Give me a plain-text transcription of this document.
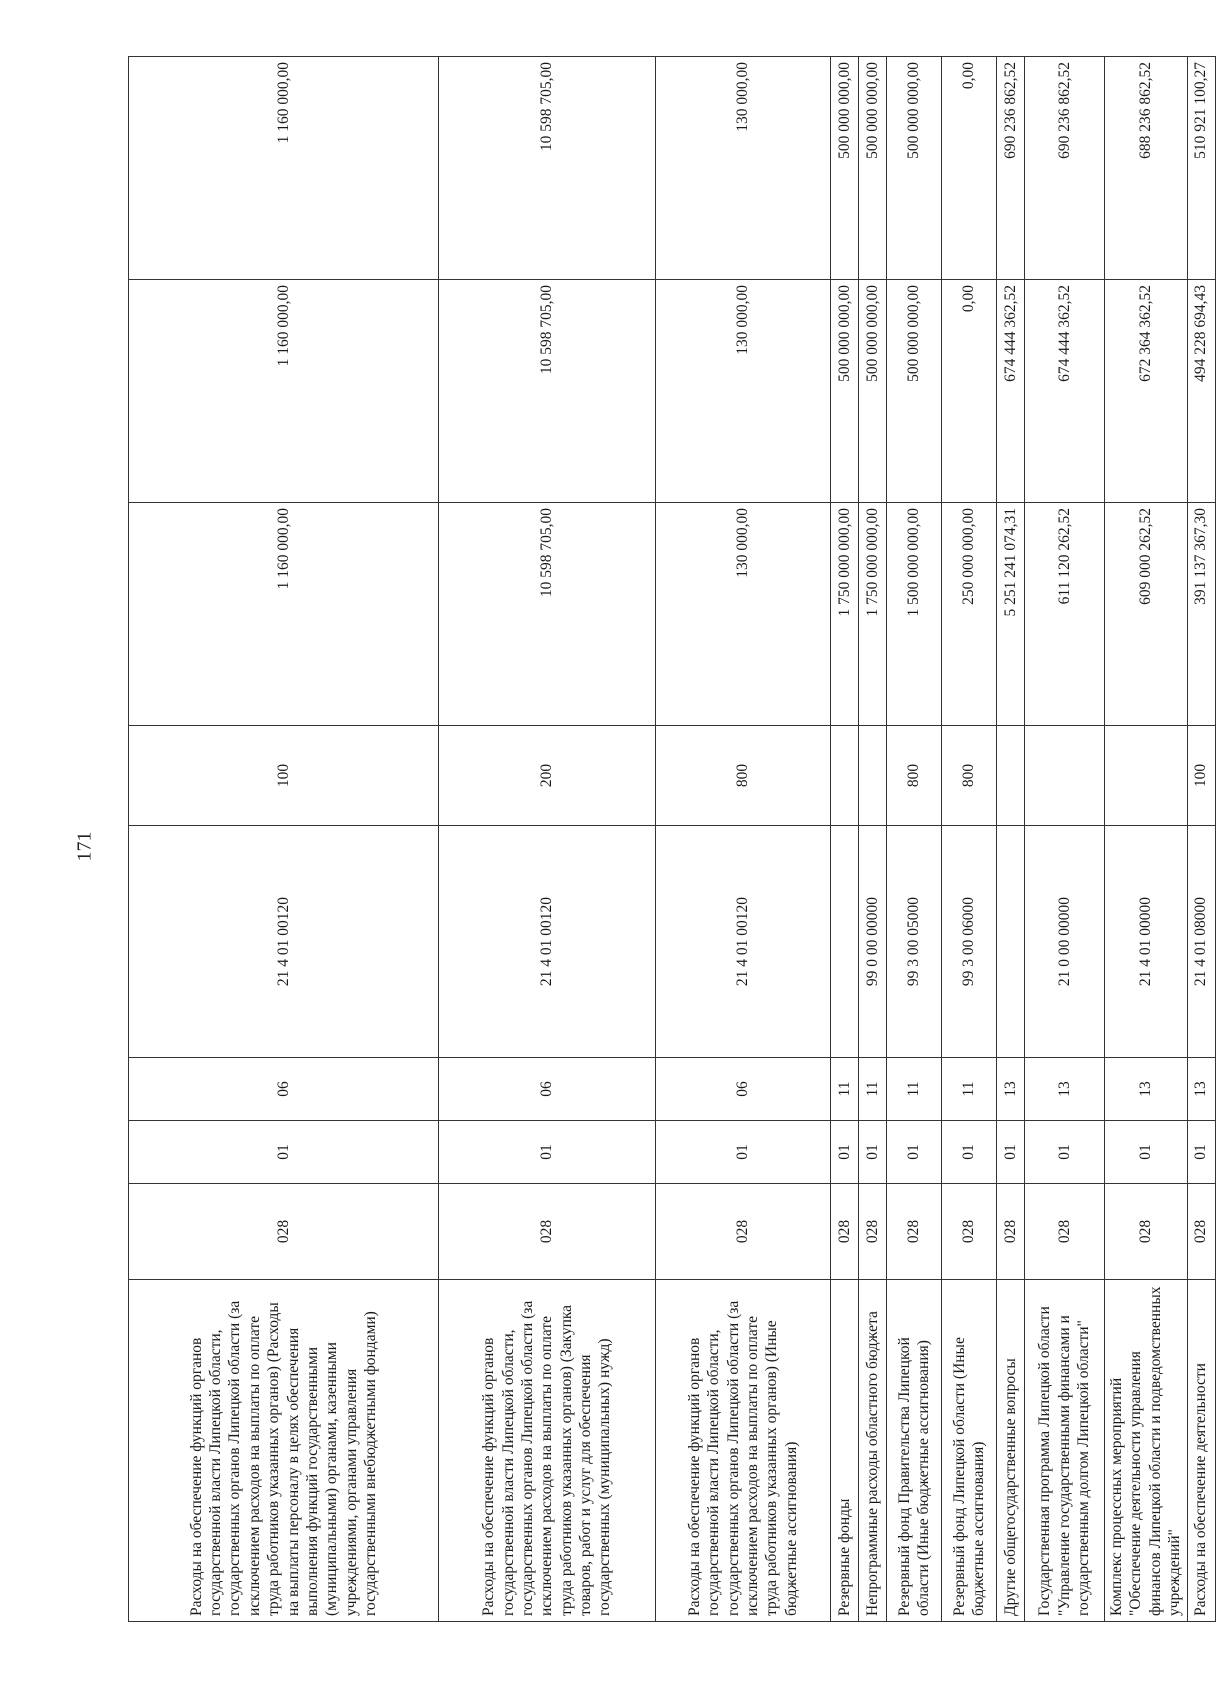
171
Расходы на обеспечение функций органов государственной власти Липецкой области, государственных органов Липецкой области (за исключением расходов на выплаты по оплате труда работников указанных органов) (Расходы на выплаты персоналу в целях обеспечения выполнения функций государственными (муниципальными) органами, казенными учреждениями, органами управления государственными внебюджетными фондами)	028	01	06	21 4 01 00120	100	1 160 000,00	1 160 000,00	1 160 000,00
Расходы на обеспечение функций органов государственной власти Липецкой области, государственных органов Липецкой области (за исключением расходов на выплаты по оплате труда работников указанных органов) (Закупка товаров, работ и услуг для обеспечения государственных (муниципальных) нужд)	028	01	06	21 4 01 00120	200	10 598 705,00	10 598 705,00	10 598 705,00
Расходы на обеспечение функций органов государственной власти Липецкой области, государственных органов Липецкой области (за исключением расходов на выплаты по оплате труда работников указанных органов) (Иные бюджетные ассигнования)	028	01	06	21 4 01 00120	800	130 000,00	130 000,00	130 000,00
Резервные фонды	028	01	11			1 750 000 000,00	500 000 000,00	500 000 000,00
Непрограммные расходы областного бюджета	028	01	11	99 0 00 00000		1 750 000 000,00	500 000 000,00	500 000 000,00
Резервный фонд Правительства Липецкой области (Иные бюджетные ассигнования)	028	01	11	99 3 00 05000	800	1 500 000 000,00	500 000 000,00	500 000 000,00
Резервный фонд Липецкой области (Иные бюджетные ассигнования)	028	01	11	99 3 00 06000	800	250 000 000,00	0,00	0,00
Другие общегосударственные вопросы	028	01	13			5 251 241 074,31	674 444 362,52	690 236 862,52
Государственная программа Липецкой области "Управление государственными финансами и государственным долгом Липецкой области"	028	01	13	21 0 00 00000		611 120 262,52	674 444 362,52	690 236 862,52
Комплекс процессных мероприятий "Обеспечение деятельности управления финансов Липецкой области и подведомственных учреждений"	028	01	13	21 4 01 00000		609 000 262,52	672 364 362,52	688 236 862,52
Расходы на обеспечение деятельности	028	01	13	21 4 01 08000	100	391 137 367,30	494 228 694,43	510 921 100,27
